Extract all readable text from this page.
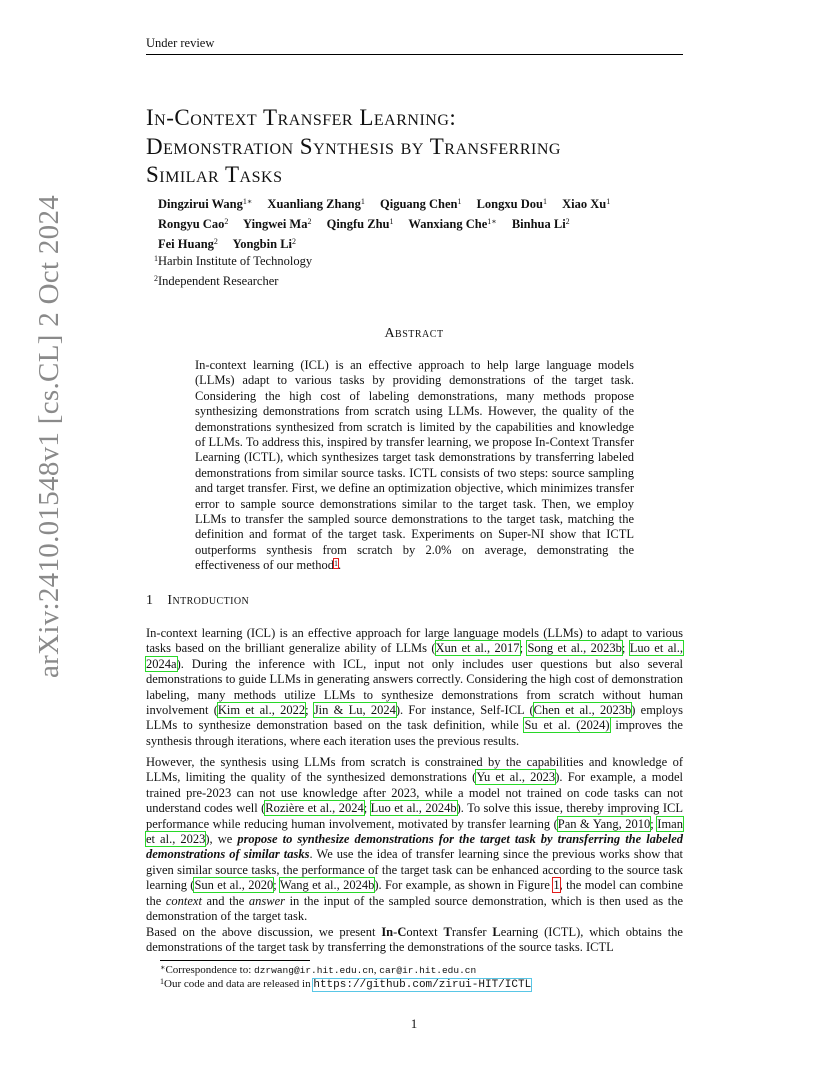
Under review
arXiv:2410.01548v1 [cs.CL] 2 Oct 2024
In-Context Transfer Learning:
Demonstration Synthesis by Transferring
Similar Tasks
Dingzirui Wang$^{1∗}$ Xuanliang Zhang$^1$ Qiguang Chen$^1$ Longxu Dou$^1$ Xiao Xu$^1$
Rongyu Cao$^2$ Yingwei Ma$^2$ Qingfu Zhu$^1$ Wanxiang Che$^{1∗}$ Binhua Li$^2$
Fei Huang$^2$ Yongbin Li$^2$
$^1$Harbin Institute of Technology
$^2$Independent Researcher
Abstract
In-context learning (ICL) is an effective approach to help large language models (LLMs) adapt to various tasks by providing demonstrations of the target task. Considering the high cost of labeling demonstrations, many methods propose synthesizing demonstrations from scratch using LLMs. However, the quality of the demonstrations synthesized from scratch is limited by the capabilities and knowledge of LLMs. To address this, inspired by transfer learning, we propose In-Context Transfer Learning (ICTL), which synthesizes target task demonstrations by transferring labeled demonstrations from similar source tasks. ICTL consists of two steps: source sampling and target transfer. First, we define an optimization objective, which minimizes transfer error to sample source demonstrations similar to the target task. Then, we employ LLMs to transfer the sampled source demonstrations to the target task, matching the definition and format of the target task. Experiments on Super-NI show that ICTL outperforms synthesis from scratch by 2.0% on average, demonstrating the effectiveness of our method$^1$.
1 Introduction
In-context learning (ICL) is an effective approach for large language models (LLMs) to adapt to various tasks based on the brilliant generalize ability of LLMs (Xun et al., 2017; Song et al., 2023b; Luo et al., 2024a). During the inference with ICL, input not only includes user questions but also several demonstrations to guide LLMs in generating answers correctly. Considering the high cost of demonstration labeling, many methods utilize LLMs to synthesize demonstrations from scratch without human involvement (Kim et al., 2022; Jin & Lu, 2024). For instance, Self-ICL (Chen et al., 2023b) employs LLMs to synthesize demonstration based on the task definition, while Su et al. (2024) improves the synthesis through iterations, where each iteration uses the previous results.
However, the synthesis using LLMs from scratch is constrained by the capabilities and knowledge of LLMs, limiting the quality of the synthesized demonstrations (Yu et al., 2023). For example, a model trained pre-2023 can not use knowledge after 2023, while a model not trained on code tasks can not understand codes well (Rozière et al., 2024; Luo et al., 2024b). To solve this issue, thereby improving ICL performance while reducing human involvement, motivated by transfer learning (Pan & Yang, 2010; Iman et al., 2023), we propose to synthesize demonstrations for the target task by transferring the labeled demonstrations of similar tasks. We use the idea of transfer learning since the previous works show that given similar source tasks, the performance of the target task can be enhanced according to the source task learning (Sun et al., 2020; Wang et al., 2024b). For example, as shown in Figure 1, the model can combine the context and the answer in the input of the sampled source demonstration, which is then used as the demonstration of the target task.
Based on the above discussion, we present In-Context Transfer Learning (ICTL), which obtains the demonstrations of the target task by transferring the demonstrations of the source tasks. ICTL
∗Correspondence to: dzrwang@ir.hit.edu.cn, car@ir.hit.edu.cn
$^1$Our code and data are released in https://github.com/zirui-HIT/ICTL
1
